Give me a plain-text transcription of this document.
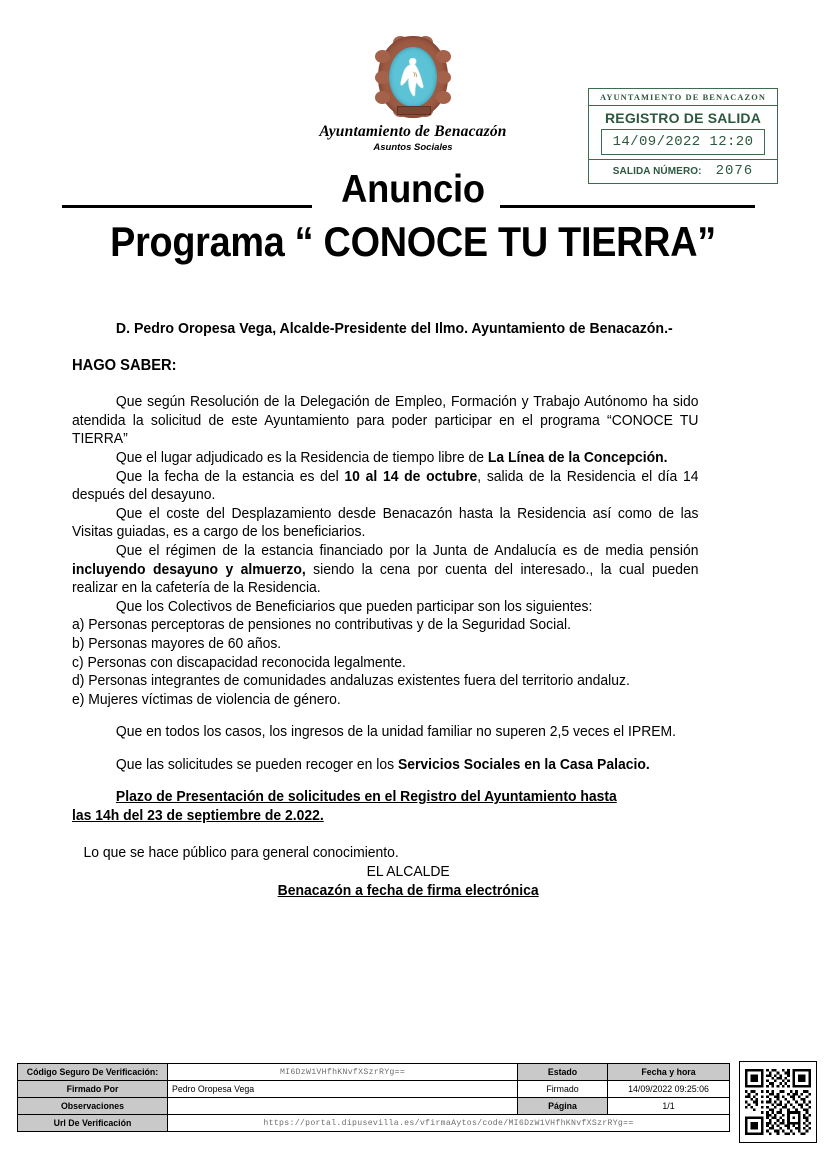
Ayuntamiento de Benacazón
Asuntos Sociales
AYUNTAMIENTO DE BENACAZON
REGISTRO DE SALIDA
14/09/2022 12:20
SALIDA NÚMERO: 2076
Anuncio
Programa “ CONOCE TU TIERRA”

D. Pedro Oropesa Vega, Alcalde-Presidente del Ilmo. Ayuntamiento de Benacazón.-

HAGO SABER:

Que según Resolución de la Delegación de Empleo, Formación y Trabajo Autónomo ha sido atendida la solicitud de este Ayuntamiento para poder participar en el programa “CONOCE TU TIERRA”

Que el lugar adjudicado es la Residencia de tiempo libre de La Línea de la Concepción.

Que la fecha de la estancia es del 10 al 14 de octubre, salida de la Residencia el día 14 después del desayuno.

Que el coste del Desplazamiento desde Benacazón hasta la Residencia así como de las Visitas guiadas, es a cargo de los beneficiarios.

Que el régimen de la estancia financiado por la Junta de Andalucía es de media pensión incluyendo desayuno y almuerzo, siendo la cena por cuenta del interesado., la cual pueden realizar en la cafetería de la Residencia.

Que los Colectivos de Beneficiarios que pueden participar son los siguientes:

a) Personas perceptoras de pensiones no contributivas y de la Seguridad Social.

b) Personas mayores de 60 años.

c) Personas con discapacidad reconocida legalmente.

d) Personas integrantes de comunidades andaluzas existentes fuera del territorio andaluz.

e) Mujeres víctimas de violencia de género.

Que en todos los casos, los ingresos de la unidad familiar no superen 2,5 veces el IPREM.

Que las solicitudes se pueden recoger en los Servicios Sociales en la Casa Palacio.

Plazo de Presentación de solicitudes en el Registro del Ayuntamiento hasta
las 14h del 23 de septiembre de 2.022.

Lo que se hace público para general conocimiento.

EL ALCALDE

Benacazón a fecha de firma electrónica

Código Seguro De Verificación:	MI6DzW1VHfhKNvfXSzrRYg==	Estado	Fecha y hora
Firmado Por	Pedro Oropesa Vega	Firmado	14/09/2022 09:25:06
Observaciones		Página	1/1
Url De Verificación	https://portal.dipusevilla.es/vfirmaAytos/code/MI6DzW1VHfhKNvfXSzrRYg==		
